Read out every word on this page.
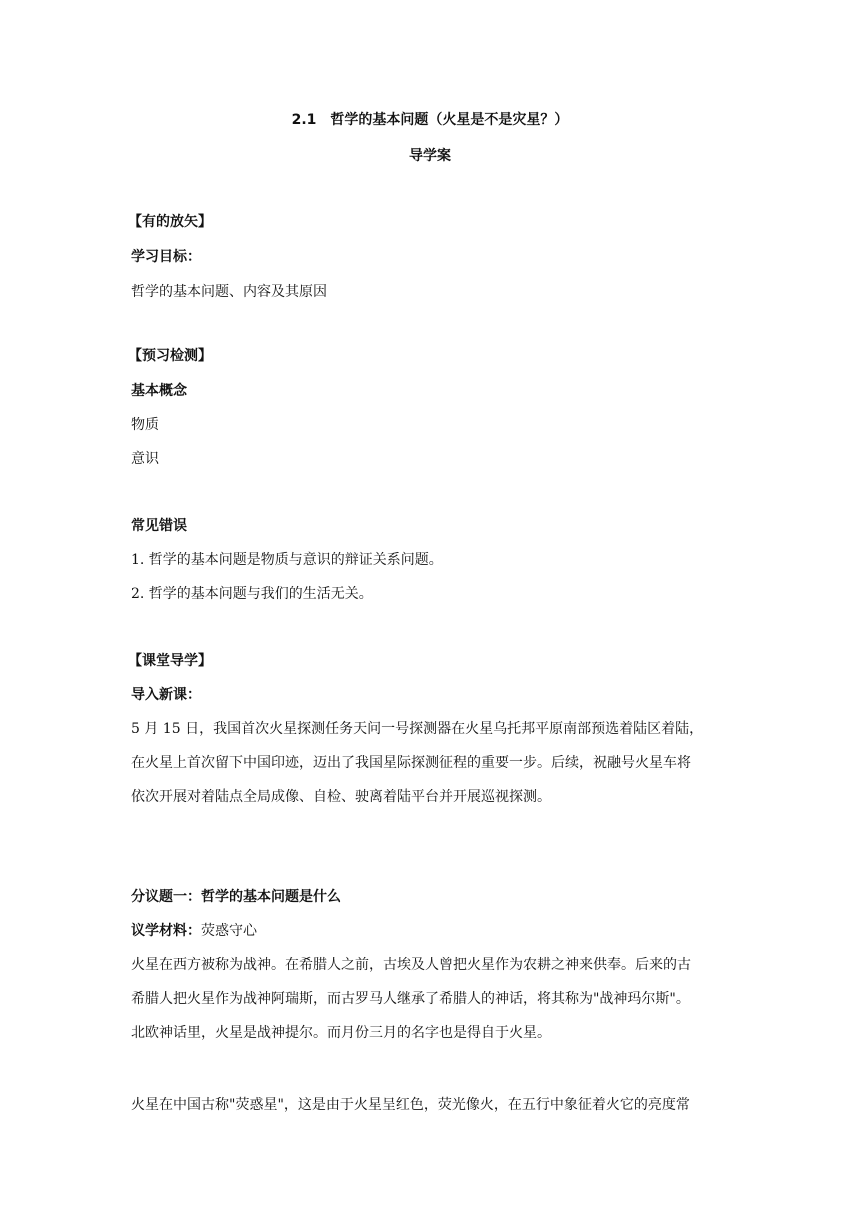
2.1　哲学的基本问题（火星是不是灾星？）
导学案
【有的放矢】
学习目标：
哲学的基本问题、内容及其原因
【预习检测】
基本概念
物质
意识
常见错误
1. 哲学的基本问题是物质与意识的辩证关系问题。
2. 哲学的基本问题与我们的生活无关。
【课堂导学】
导入新课：
5 月 15 日，我国首次火星探测任务天问一号探测器在火星乌托邦平原南部预选着陆区着陆，
在火星上首次留下中国印迹，迈出了我国星际探测征程的重要一步。后续，祝融号火星车将
依次开展对着陆点全局成像、自检、驶离着陆平台并开展巡视探测。
分议题一：哲学的基本问题是什么
议学材料：荧惑守心
火星在西方被称为战神。在希腊人之前，古埃及人曾把火星作为农耕之神来供奉。后来的古
希腊人把火星作为战神阿瑞斯，而古罗马人继承了希腊人的神话，将其称为"战神玛尔斯"。
北欧神话里，火星是战神提尔。而月份三月的名字也是得自于火星。
火星在中国古称"荧惑星"，这是由于火星呈红色，荧光像火，在五行中象征着火它的亮度常
